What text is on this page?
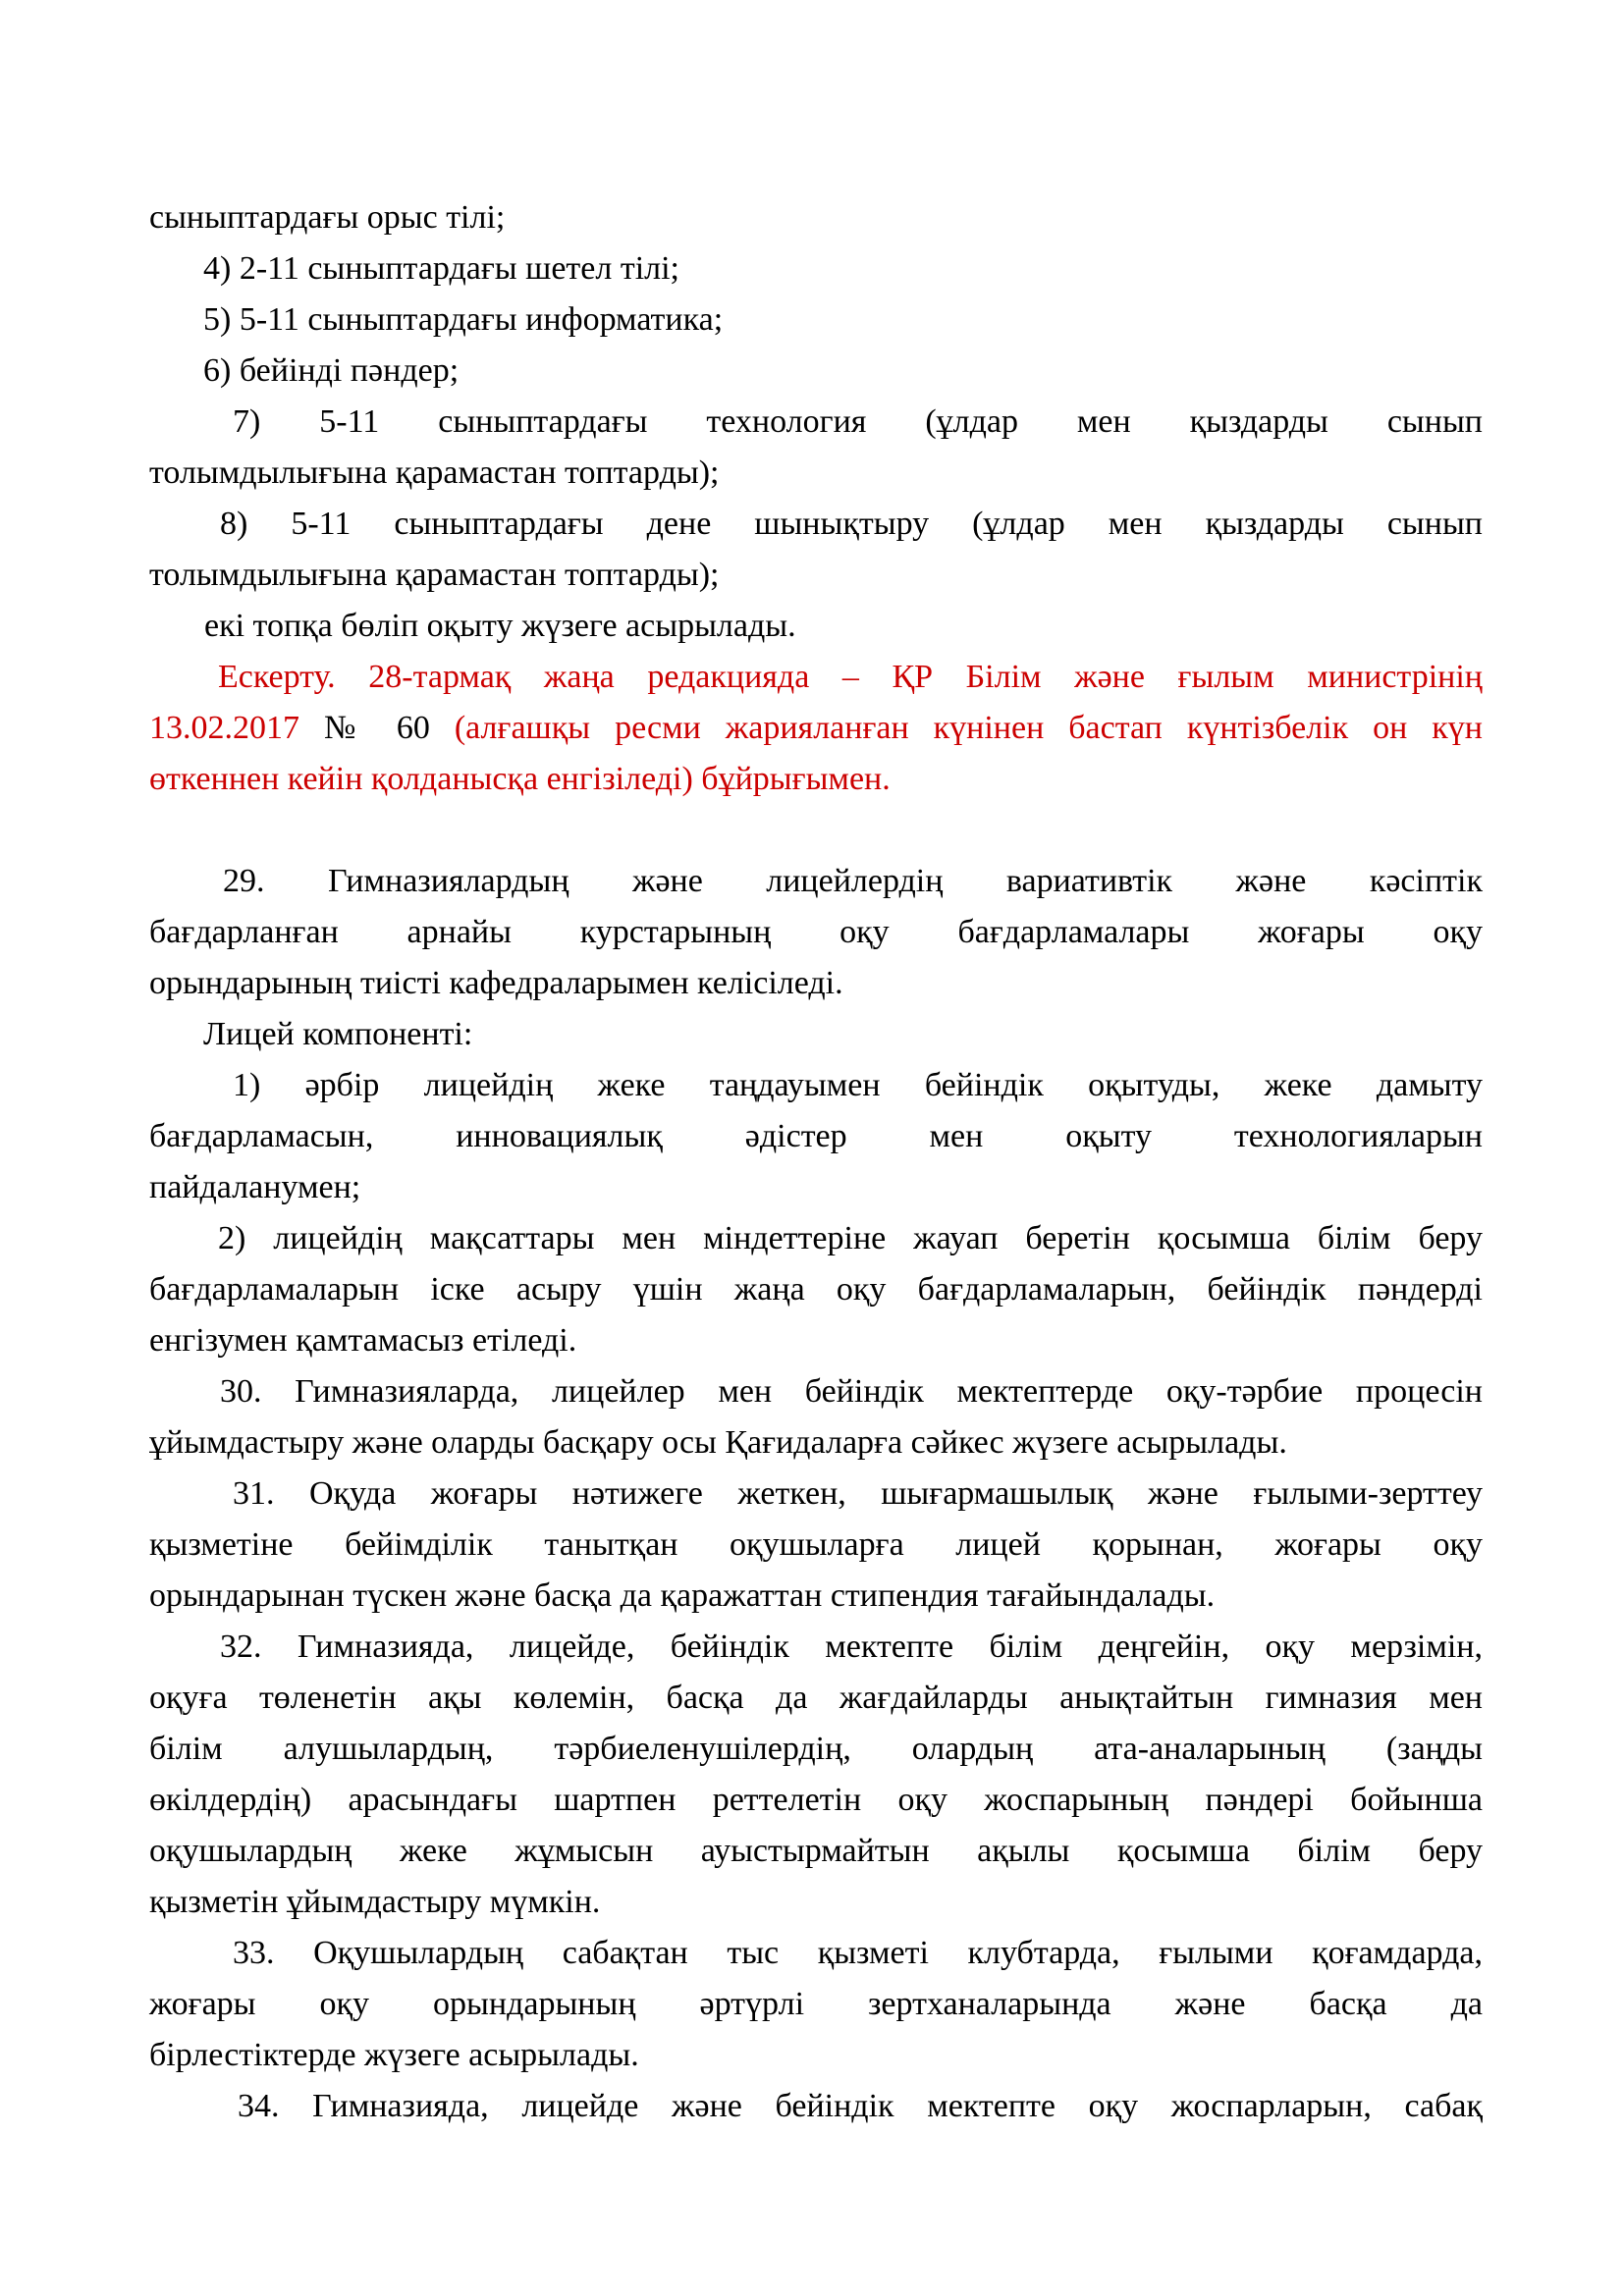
сыныптардағы орыс тілі;
4) 2-11 сыныптардағы шетел тілі;
5) 5-11 сыныптардағы информатика;
6) бейінді пәндер;
7) 5-11 сыныптардағы технология (ұлдар мен қыздарды сынып
толымдылығына қарамастан топтарды);
8) 5-11 сыныптардағы дене шынықтыру (ұлдар мен қыздарды сынып
толымдылығына қарамастан топтарды);
екі топқа бөліп оқыту жүзеге асырылады.
Ескерту. 28-тармақ жаңа редакцияда – ҚР Білім және ғылым министрінің
13.02.2017 № 60 (алғашқы ресми жарияланған күнінен бастап күнтізбелік он күн
өткеннен кейін қолданысқа енгізіледі) бұйрығымен.
29. Гимназиялардың және лицейлердің вариативтік және кәсіптік
бағдарланған арнайы курстарының оқу бағдарламалары жоғары оқу
орындарының тиісті кафедраларымен келісіледі.
Лицей компоненті:
1) әрбір лицейдің жеке таңдауымен бейіндік оқытуды, жеке дамыту
бағдарламасын, инновациялық әдістер мен оқыту технологияларын
пайдаланумен;
2) лицейдің мақсаттары мен міндеттеріне жауап беретін қосымша білім беру
бағдарламаларын іске асыру үшін жаңа оқу бағдарламаларын, бейіндік пәндерді
енгізумен қамтамасыз етіледі.
30. Гимназияларда, лицейлер мен бейіндік мектептерде оқу-тәрбие процесін
ұйымдастыру және оларды басқару осы Қағидаларға сәйкес жүзеге асырылады.
31. Оқуда жоғары нәтижеге жеткен, шығармашылық және ғылыми-зерттеу
қызметіне бейімділік танытқан оқушыларға лицей қорынан, жоғары оқу
орындарынан түскен және басқа да қаражаттан стипендия тағайындалады.
32. Гимназияда, лицейде, бейіндік мектепте білім деңгейін, оқу мерзімін,
оқуға төленетін ақы көлемін, басқа да жағдайларды анықтайтын гимназия мен
білім алушылардың, тәрбиеленушілердің, олардың ата-аналарының (заңды
өкілдердің) арасындағы шартпен реттелетін оқу жоспарының пәндері бойынша
оқушылардың жеке жұмысын ауыстырмайтын ақылы қосымша білім беру
қызметін ұйымдастыру мүмкін.
33. Оқушылардың сабақтан тыс қызметі клубтарда, ғылыми қоғамдарда,
жоғары оқу орындарының әртүрлі зертханаларында және басқа да
бірлестіктерде жүзеге асырылады.
34. Гимназияда, лицейде және бейіндік мектепте оқу жоспарларын, сабақ
